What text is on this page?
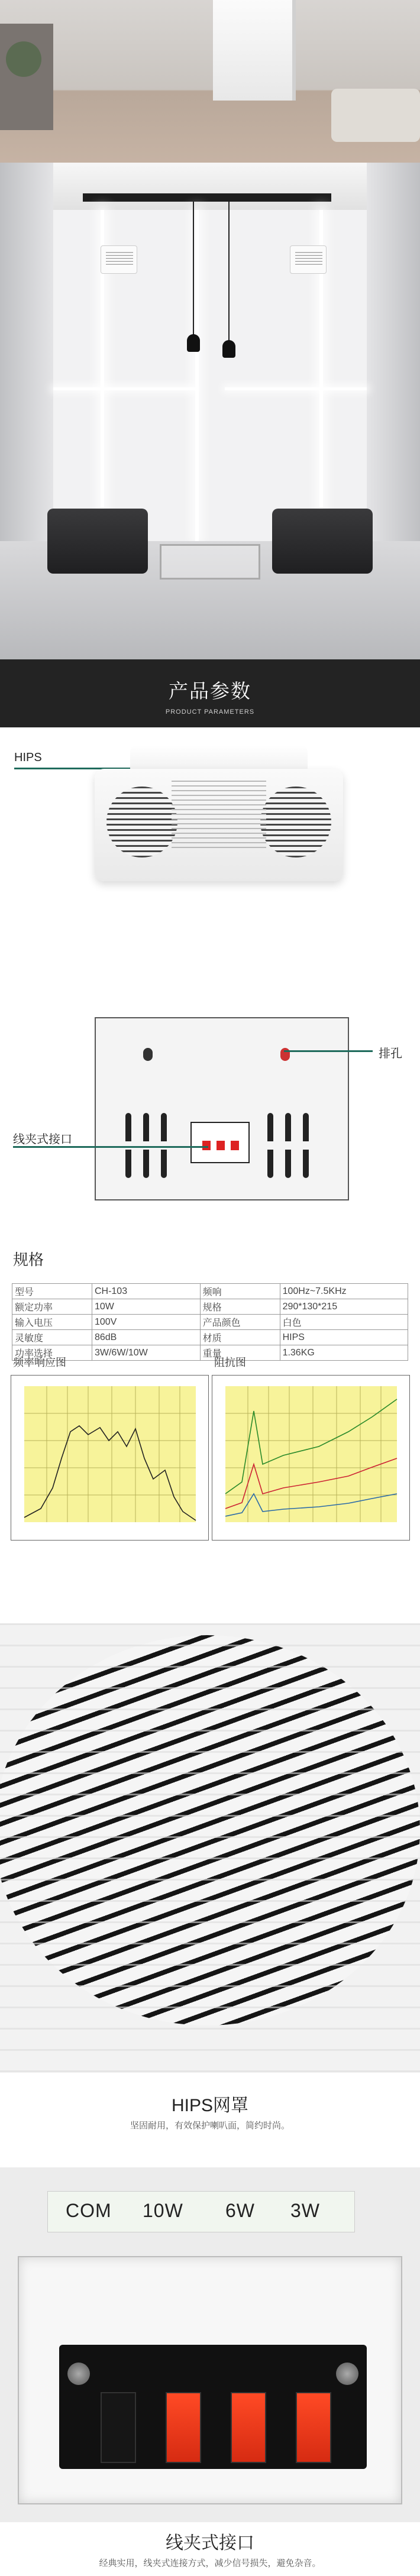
产品参数
PRODUCT PARAMETERS
HIPS
排孔
线夹式接口
规格
型号	CH-103	频响	100Hz~7.5KHz
额定功率	10W	规格	290*130*215
输入电压	100V	产品颜色	白色
灵敏度	86dB	材质	HIPS
功率选择	3W/6W/10W	重量	1.36KG
频率响应图	阻抗图
HIPS网罩
坚固耐用，有效保护喇叭面，简约时尚。
COM 10W 6W 3W
线夹式接口
经典实用，线夹式连接方式，减少信号损失，避免杂音。
